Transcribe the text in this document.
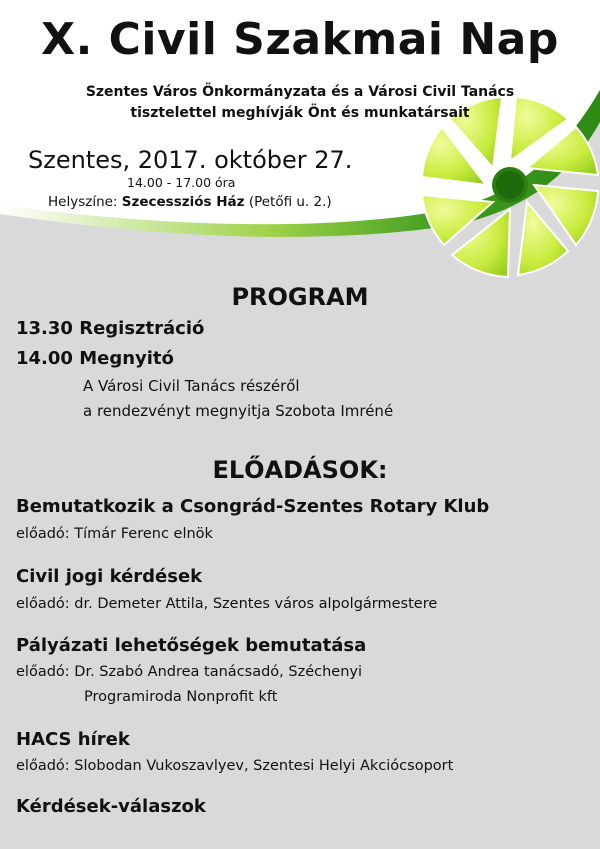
X. Civil Szakmai Nap
Szentes Város Önkormányzata és a Városi Civil Tanács
tisztelettel meghívják Önt és munkatársait
Szentes, 2017. október 27.
14.00 - 17.00 óra
Helyszíne: Szecessziós Ház (Petőfi u. 2.)
PROGRAM
13.30 Regisztráció
14.00 Megnyitó
A Városi Civil Tanács részéről
a rendezvényt megnyitja Szobota Imréné
ELŐADÁSOK:
Bemutatkozik a Csongrád-Szentes Rotary Klub
előadó: Tímár Ferenc elnök
Civil jogi kérdések
előadó: dr. Demeter Attila, Szentes város alpolgármestere
Pályázati lehetőségek bemutatása
előadó: Dr. Szabó Andrea tanácsadó, Széchenyi
Programiroda Nonprofit kft
HACS hírek
előadó: Slobodan Vukoszavlyev, Szentesi Helyi Akciócsoport
Kérdések-válaszok
